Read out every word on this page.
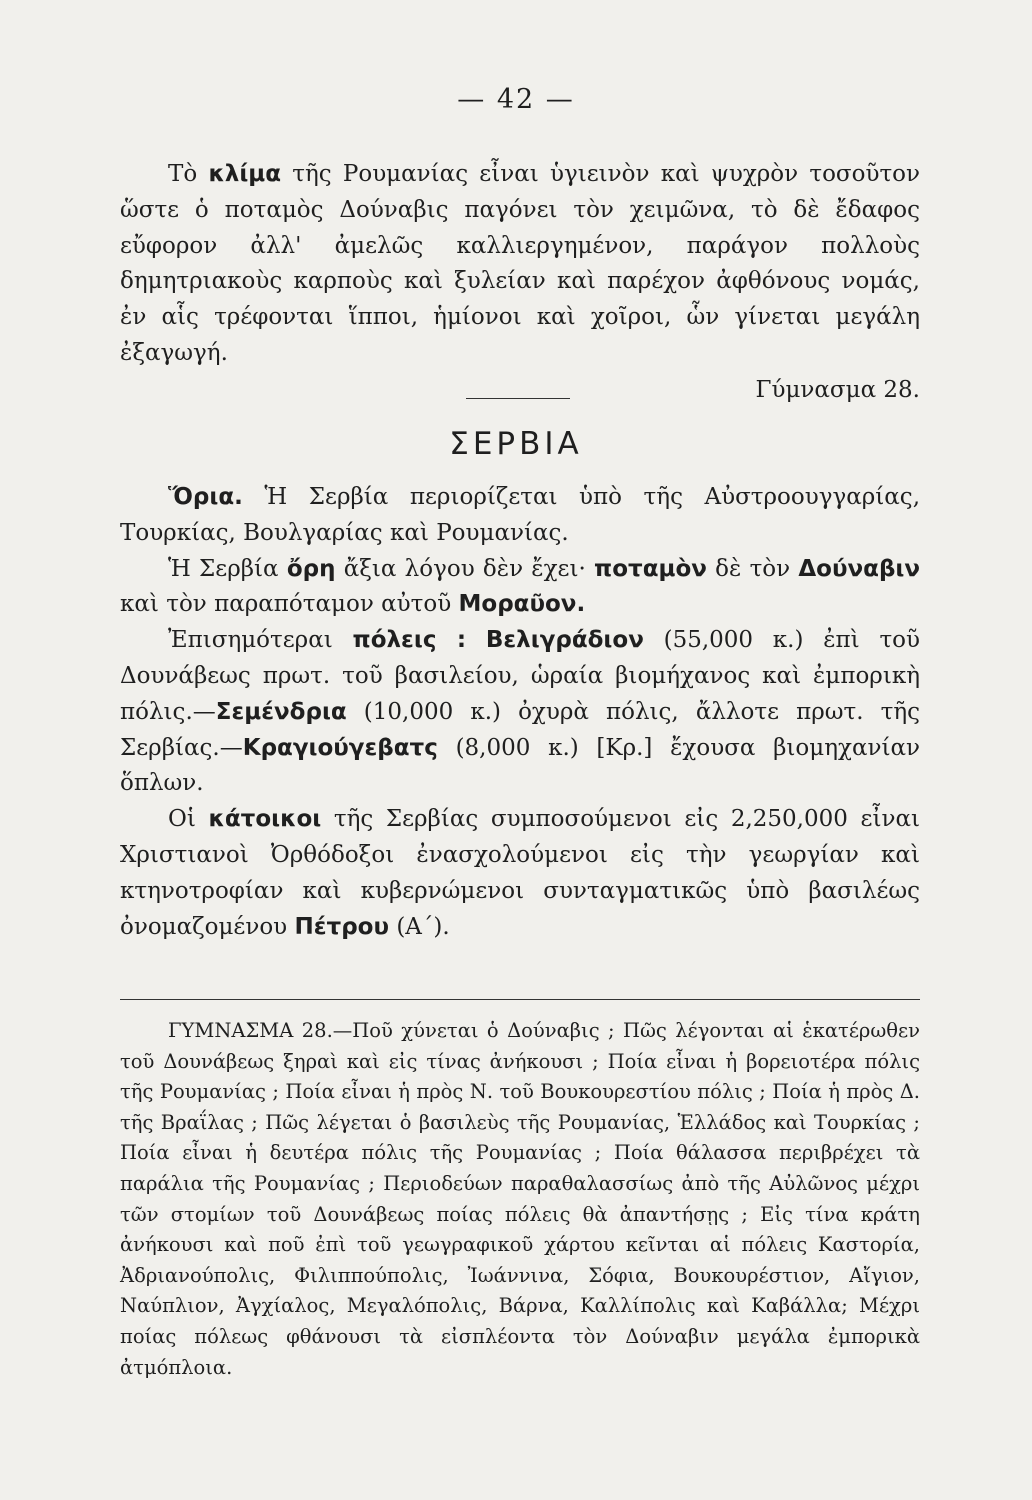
— 42 —

Τὸ κλίμα τῆς Ρουμανίας εἶναι ὑγιεινὸν καὶ ψυχρὸν τοσοῦτον ὥστε ὁ ποταμὸς Δούναβις παγόνει τὸν χειμῶνα, τὸ δὲ ἔδαφος εὔφορον ἀλλ' ἀμελῶς καλλιεργημένον, παράγον πολλοὺς δημητριακοὺς καρποὺς καὶ ξυλείαν καὶ παρέχον ἀφθόνους νομάς, ἐν αἷς τρέφονται ἵπποι, ἡμίονοι καὶ χοῖροι, ὧν γίνεται μεγάλη ἐξαγωγή.

Γύμνασμα 28.

ΣΕΡΒΙΑ

Ὅρια. Ἡ Σερβία περιορίζεται ὑπὸ τῆς Αὐστροουγγαρίας, Τουρκίας, Βουλγαρίας καὶ Ρουμανίας.

Ἡ Σερβία ὄρη ἄξια λόγου δὲν ἔχει· ποταμὸν δὲ τὸν Δούναβιν καὶ τὸν παραπόταμον αὐτοῦ Μοραῦον.

Ἐπισημότεραι πόλεις : Βελιγράδιον (55,000 κ.) ἐπὶ τοῦ Δουνάβεως πρωτ. τοῦ βασιλείου, ὡραία βιομήχανος καὶ ἐμπορικὴ πόλις.—Σεμένδρια (10,000 κ.) ὀχυρὰ πόλις, ἄλλοτε πρωτ. τῆς Σερβίας.—Κραγιούγεβατς (8,000 κ.) [Κρ.] ἔχουσα βιομηχανίαν ὅπλων.

Οἱ κάτοικοι τῆς Σερβίας συμποσούμενοι εἰς 2,250,000 εἶναι Χριστιανοὶ Ὀρθόδοξοι ἐνασχολούμενοι εἰς τὴν γεωργίαν καὶ κτηνοτροφίαν καὶ κυβερνώμενοι συνταγματικῶς ὑπὸ βασιλέως ὀνομαζομένου Πέτρου (Α΄).

ΓΥΜΝΑΣΜΑ 28.—Ποῦ χύνεται ὁ Δούναβις ; Πῶς λέγονται αἱ ἑκατέρωθεν τοῦ Δουνάβεως ξηραὶ καὶ εἰς τίνας ἀνήκουσι ; Ποία εἶναι ἡ βορειοτέρα πόλις τῆς Ρουμανίας ; Ποία εἶναι ἡ πρὸς Ν. τοῦ Βουκουρεστίου πόλις ; Ποία ἡ πρὸς Δ. τῆς Βραΐλας ; Πῶς λέγεται ὁ βασιλεὺς τῆς Ρουμανίας, Ἑλλάδος καὶ Τουρκίας ; Ποία εἶναι ἡ δευτέρα πόλις τῆς Ρουμανίας ; Ποία θάλασσα περιβρέχει τὰ παράλια τῆς Ρουμανίας ; Περιοδεύων παραθαλασσίως ἀπὸ τῆς Αὐλῶνος μέχρι τῶν στομίων τοῦ Δουνάβεως ποίας πόλεις θὰ ἀπαντήσῃς ; Εἰς τίνα κράτη ἀνήκουσι καὶ ποῦ ἐπὶ τοῦ γεωγραφικοῦ χάρτου κεῖνται αἱ πόλεις Καστορία, Ἀδριανούπολις, Φιλιππούπολις, Ἰωάννινα, Σόφια, Βουκουρέστιον, Αἴγιον, Ναύπλιον, Ἀγχίαλος, Μεγαλόπολις, Βάρνα, Καλλίπολις καὶ Καβάλλα; Μέχρι ποίας πόλεως φθάνουσι τὰ εἰσπλέοντα τὸν Δούναβιν μεγάλα ἐμπορικὰ ἀτμόπλοια.
